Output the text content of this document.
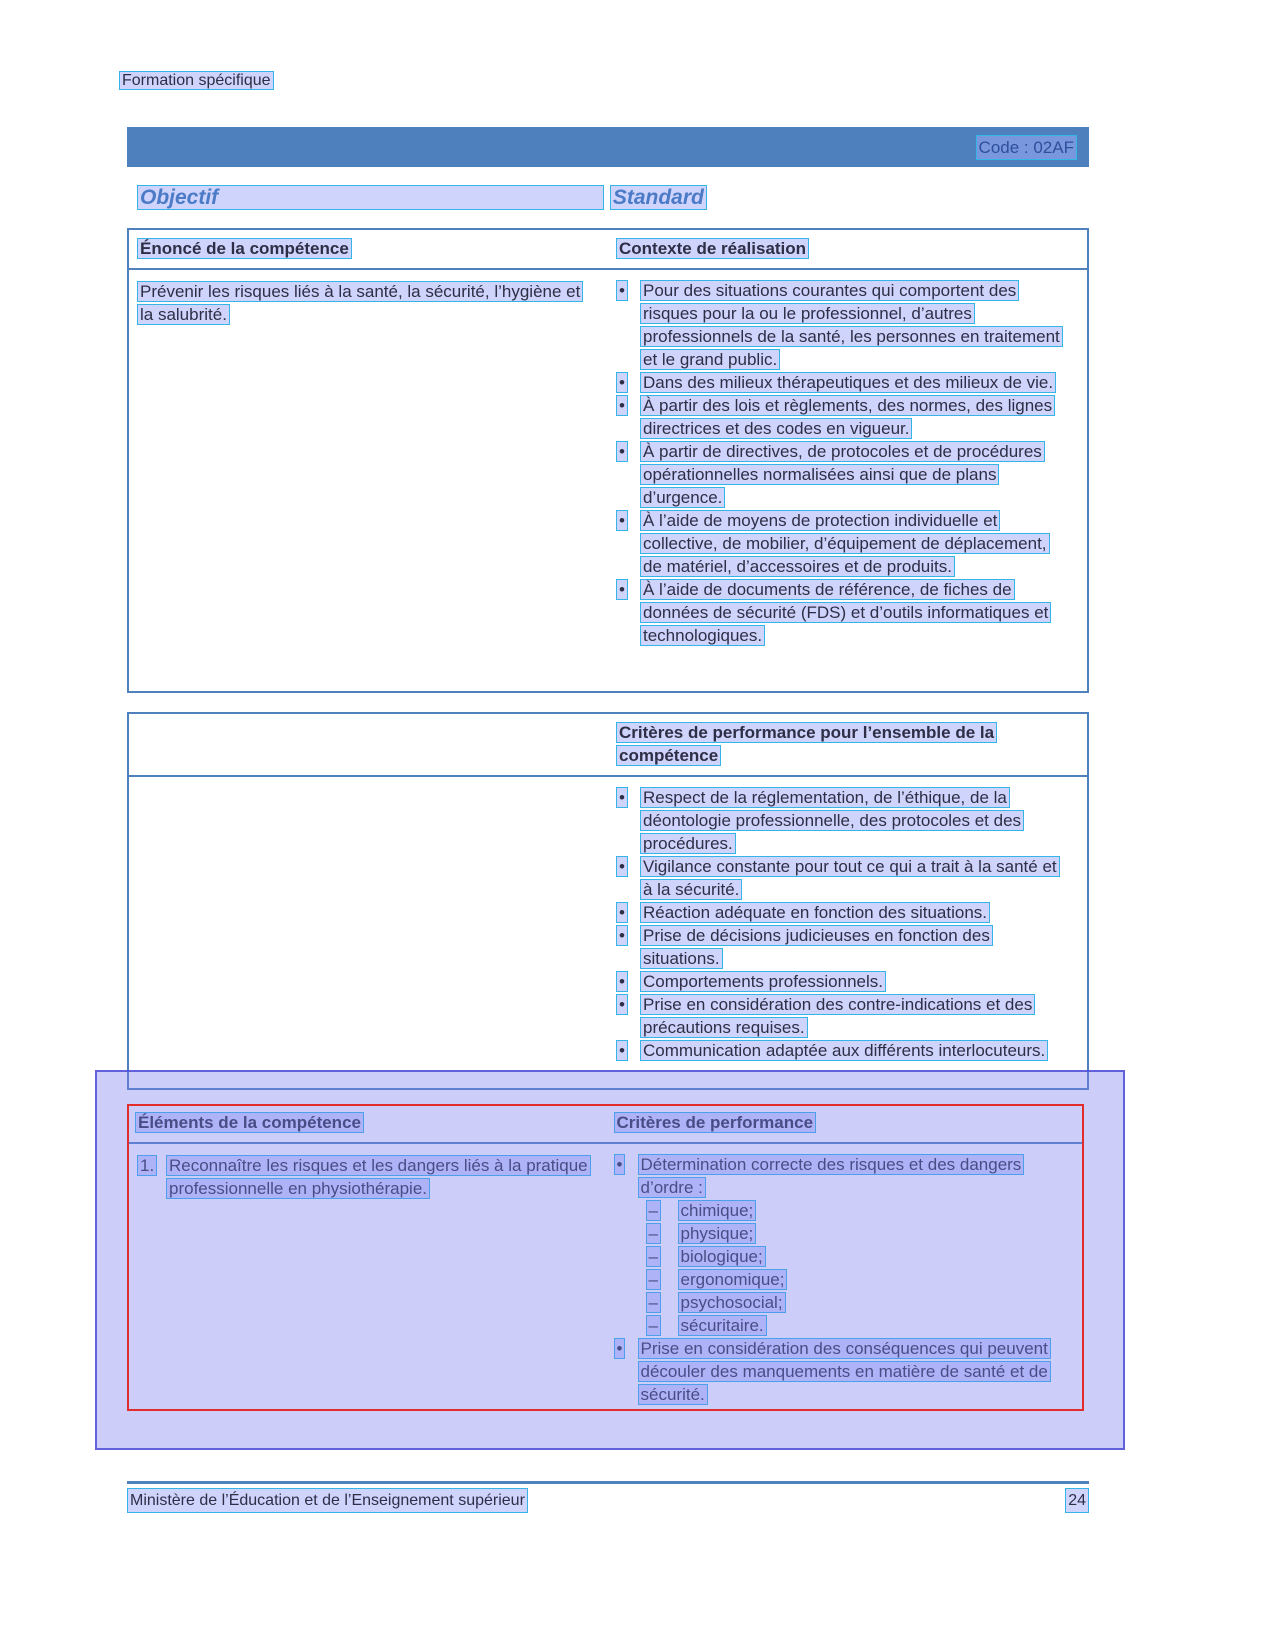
Formation spécifique
Code : 02AF
Objectif	Standard
Énoncé de la compétence	Contexte de réalisation
Prévenir les risques liés à la santé, la sécurité, l’hygiène et la salubrité.
•	Pour des situations courantes qui comportent des risques pour la ou le professionnel, d’autres professionnels de la santé, les personnes en traitement et le grand public.
•	Dans des milieux thérapeutiques et des milieux de vie.
•	À partir des lois et règlements, des normes, des lignes directrices et des codes en vigueur.
•	À partir de directives, de protocoles et de procédures opérationnelles normalisées ainsi que de plans d’urgence.
•	À l’aide de moyens de protection individuelle et collective, de mobilier, d’équipement de déplacement, de matériel, d’accessoires et de produits.
•	À l’aide de documents de référence, de fiches de données de sécurité (FDS) et d’outils informatiques et technologiques.
Critères de performance pour l’ensemble de la compétence
•	Respect de la réglementation, de l’éthique, de la déontologie professionnelle, des protocoles et des procédures.
•	Vigilance constante pour tout ce qui a trait à la santé et à la sécurité.
•	Réaction adéquate en fonction des situations.
•	Prise de décisions judicieuses en fonction des situations.
•	Comportements professionnels.
•	Prise en considération des contre-indications et des précautions requises.
•	Communication adaptée aux différents interlocuteurs.
Éléments de la compétence	Critères de performance
1. Reconnaître les risques et les dangers liés à la pratique professionnelle en physiothérapie.
•	Détermination correcte des risques et des dangers d’ordre :
–	chimique;
–	physique;
–	biologique;
–	ergonomique;
–	psychosocial;
–	sécuritaire.
•	Prise en considération des conséquences qui peuvent découler des manquements en matière de santé et de sécurité.
Ministère de l’Éducation et de l’Enseignement supérieur	24
